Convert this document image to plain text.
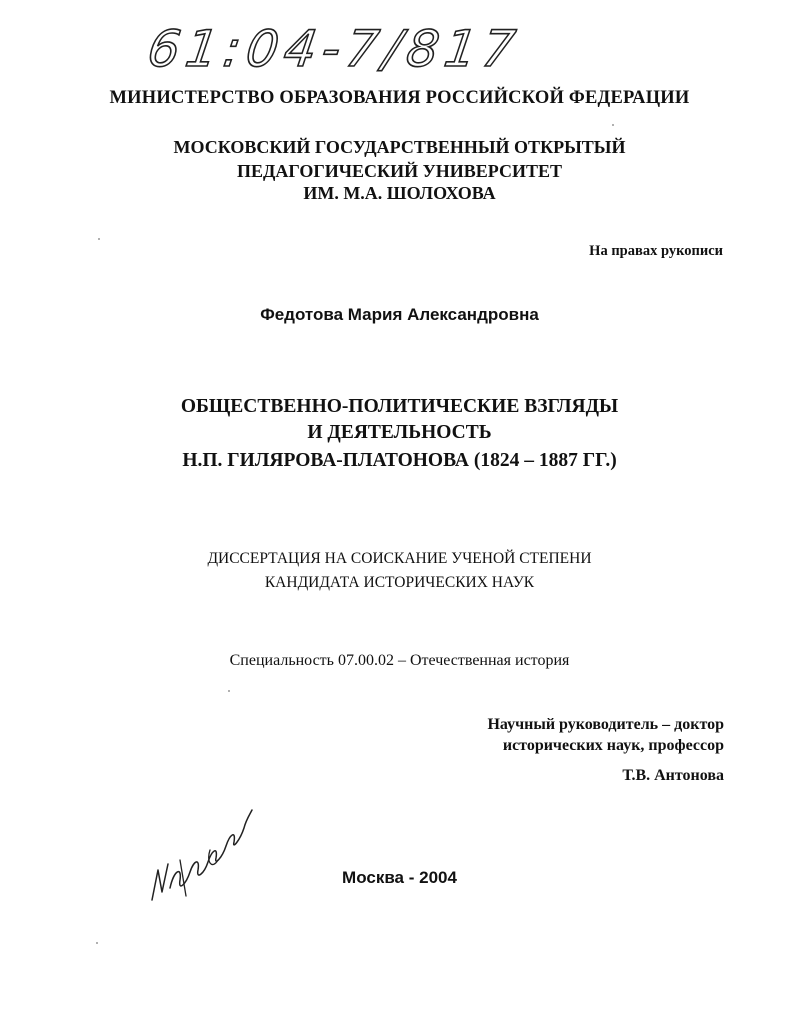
61:04-7/817
МИНИСТЕРСТВО ОБРАЗОВАНИЯ РОССИЙСКОЙ ФЕДЕРАЦИИ
МОСКОВСКИЙ ГОСУДАРСТВЕННЫЙ ОТКРЫТЫЙ
ПЕДАГОГИЧЕСКИЙ УНИВЕРСИТЕТ
ИМ. М.А. ШОЛОХОВА
На правах рукописи
Федотова Мария Александровна
ОБЩЕСТВЕННО-ПОЛИТИЧЕСКИЕ ВЗГЛЯДЫ
И ДЕЯТЕЛЬНОСТЬ
Н.П. ГИЛЯРОВА-ПЛАТОНОВА (1824 – 1887 ГГ.)
ДИССЕРТАЦИЯ НА СОИСКАНИЕ УЧЕНОЙ СТЕПЕНИ
КАНДИДАТА ИСТОРИЧЕСКИХ НАУК
Специальность 07.00.02 – Отечественная история
Научный руководитель – доктор
исторических наук, профессор
Т.В. Антонова
Москва - 2004
